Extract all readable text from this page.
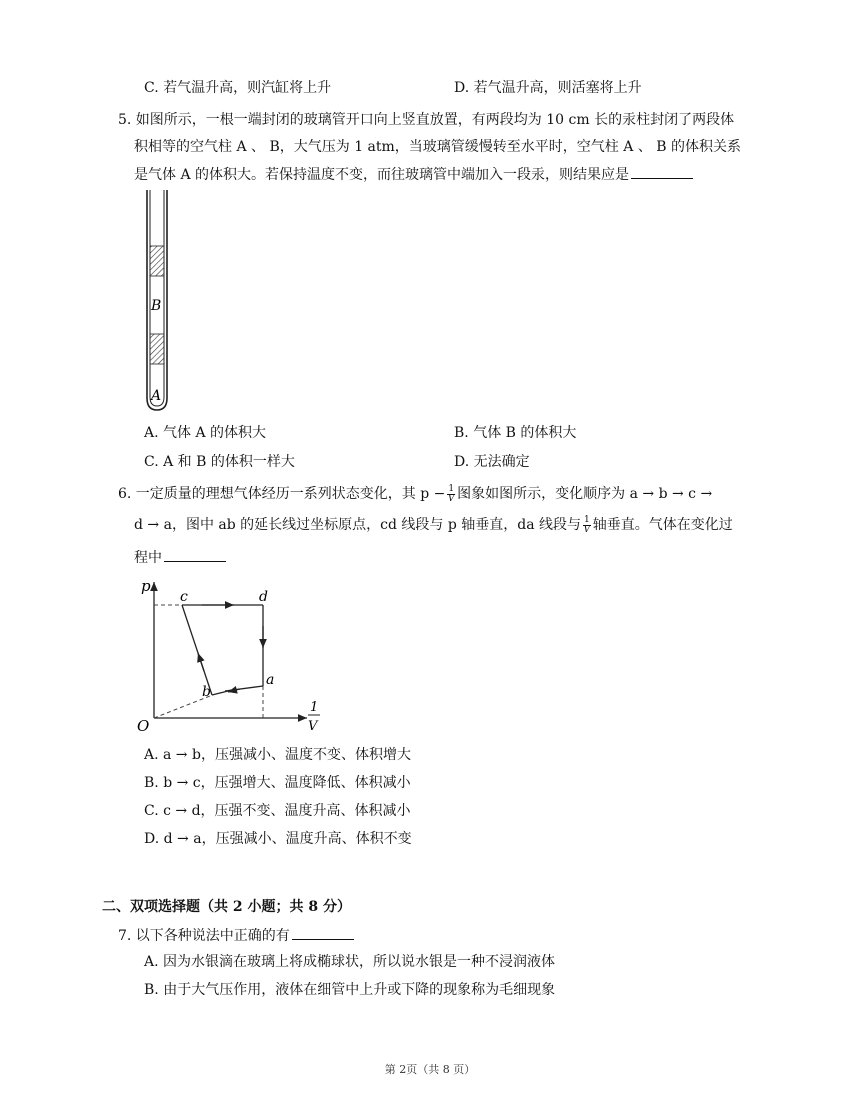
C. 若气温升高，则汽缸将上升	D. 若气温升高，则活塞将上升
5. 如图所示，一根一端封闭的玻璃管开口向上竖直放置，有两段均为 10 cm 长的汞柱封闭了两段体
积相等的空气柱 A 、 B，大气压为 1 atm，当玻璃管缓慢转至水平时，空气柱 A 、 B 的体积关系
是气体 A 的体积大。若保持温度不变，而往玻璃管中端加入一段汞，则结果应是
B
A
A. 气体 A 的体积大	B. 气体 B 的体积大
C. A 和 B 的体积一样大	D. 无法确定
6. 一定质量的理想气体经历一系列状态变化，其 $p - \frac{1}{V}$ 图象如图所示，变化顺序为 a → b → c →
d → a，图中 ab 的延长线过坐标原点，cd 线段与 p 轴垂直，da 线段与 $\frac{1}{V}$ 轴垂直。气体在变化过
程中
p
O
1
V
a
b
c	d
A. a → b，压强减小、温度不变、体积增大
B. b → c，压强增大、温度降低、体积减小
C. c → d，压强不变、温度升高、体积减小
D. d → a，压强减小、温度升高、体积不变
二、双项选择题（共 2 小题；共 8 分）
7. 以下各种说法中正确的有
A. 因为水银滴在玻璃上将成椭球状，所以说水银是一种不浸润液体
B. 由于大气压作用，液体在细管中上升或下降的现象称为毛细现象
第 2页（共 8 页）
